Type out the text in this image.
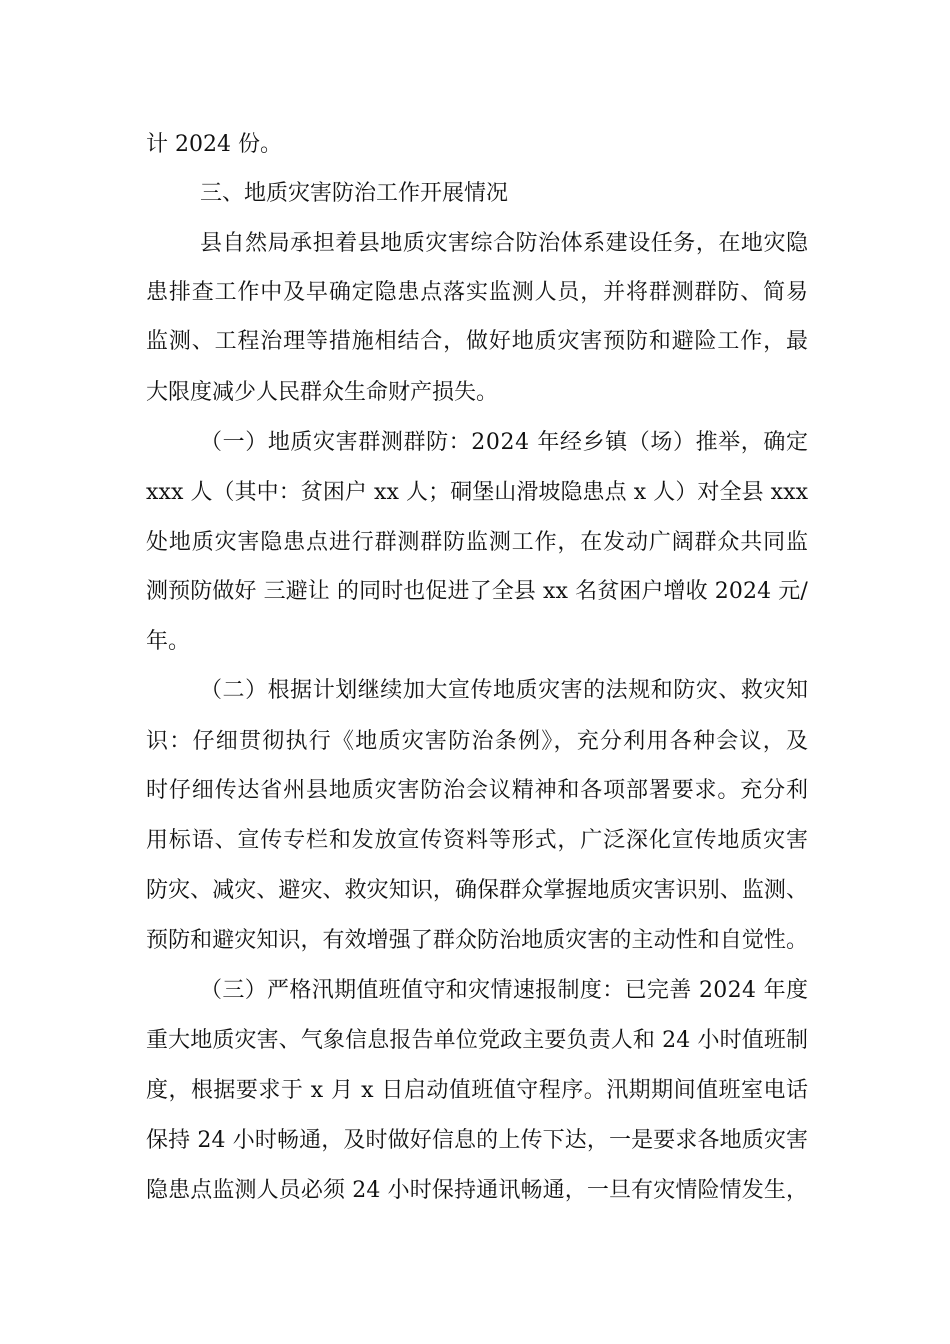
计 2024 份。
三、地质灾害防治工作开展情况
县自然局承担着县地质灾害综合防治体系建设任务，在地灾隐
患排查工作中及早确定隐患点落实监测人员，并将群测群防、简易
监测、工程治理等措施相结合，做好地质灾害预防和避险工作，最
大限度减少人民群众生命财产损失。
（一）地质灾害群测群防：2024 年经乡镇（场）推举，确定
xxx 人（其中：贫困户 xx 人；硐堡山滑坡隐患点 x 人）对全县 xxx
处地质灾害隐患点进行群测群防监测工作，在发动广阔群众共同监
测预防做好 三避让 的同时也促进了全县 xx 名贫困户增收 2024 元/
年。
（二）根据计划继续加大宣传地质灾害的法规和防灾、救灾知
识：仔细贯彻执行《地质灾害防治条例》，充分利用各种会议，及
时仔细传达省州县地质灾害防治会议精神和各项部署要求。充分利
用标语、宣传专栏和发放宣传资料等形式，广泛深化宣传地质灾害
防灾、减灾、避灾、救灾知识，确保群众掌握地质灾害识别、监测、
预防和避灾知识，有效增强了群众防治地质灾害的主动性和自觉性。
（三）严格汛期值班值守和灾情速报制度：已完善 2024 年度
重大地质灾害、气象信息报告单位党政主要负责人和 24 小时值班制
度，根据要求于 x 月 x 日启动值班值守程序。汛期期间值班室电话
保持 24 小时畅通，及时做好信息的上传下达，一是要求各地质灾害
隐患点监测人员必须 24 小时保持通讯畅通，一旦有灾情险情发生，
